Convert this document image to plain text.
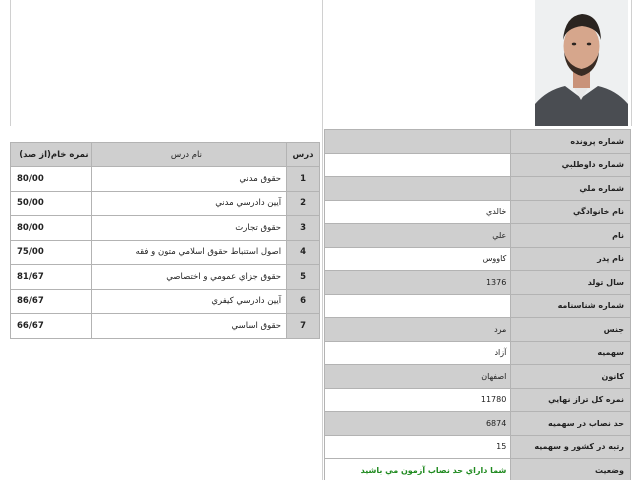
درس	نام درس	نمره خام(از صد)
1	حقوق مدني	80/00
2	آيين دادرسي مدني	50/00
3	حقوق تجارت	80/00
4	اصول استنباط حقوق اسلامي متون و فقه	75/00
5	حقوق جزاي عمومي و اختصاصي	81/67
6	آيين دادرسي كيفري	86/67
7	حقوق اساسي	66/67
شماره پرونده	
شماره داوطلبي	
شماره ملي	
نام خانوادگي	خالدي
نام	علي
نام پدر	كاووس
سال تولد	1376
شماره شناسنامه	
جنس	مرد
سهميه	آزاد
كانون	اصفهان
نمره كل تراز نهايي	11780
حد نصاب در سهميه	6874
رتبه در كشور و سهميه	15
وضعيت	شما داراي حد نصاب آزمون مي باشيد
